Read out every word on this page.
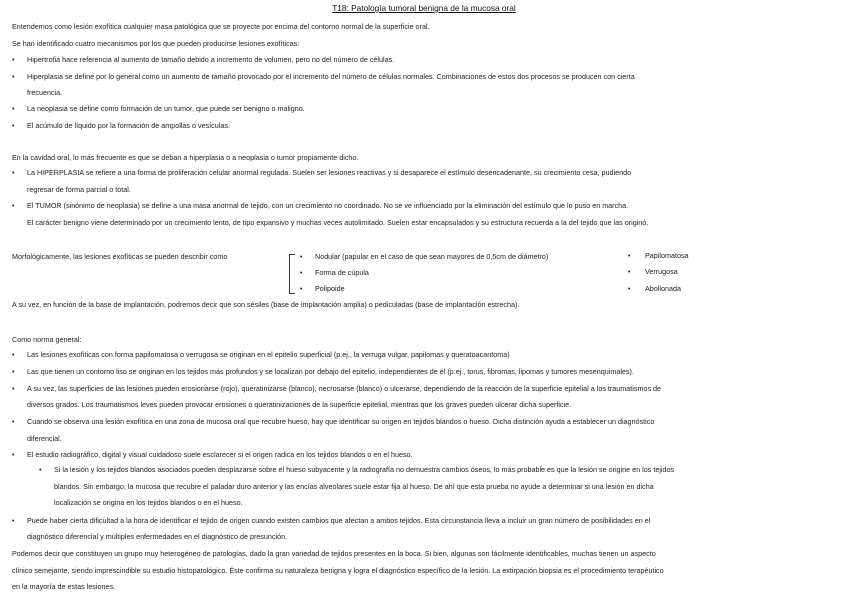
T18: Patología tumoral benigna de la mucosa oral
Entendemos como lesión exofítica cualquier masa patológica que se proyecte por encima del contorno normal de la superficie oral.
Se han identificado cuatro mecanismos por los que pueden producirse lesiones exofíticas:
• Hipertrofia hace referencia al aumento de tamaño debido a incremento de volumen, pero no del número de células.
• Hiperplasia se define por lo general como un aumento de tamaño provocado por el incremento del número de células normales. Combinaciones de estos dos procesos se producen con cierta
frecuencia.
• La neoplasia se define como formación de un tumor, que puede ser benigno o maligno.
• El acúmulo de líquido por la formación de ampollas o vesículas.
En la cavidad oral, lo más frecuente es que se deban a hiperplasia o a neoplasia o tumor propiamente dicho.
• La HIPERPLASIA se refiere a una forma de proliferación celular anormal regulada. Suelen ser lesiones reactivas y si desaparece el estímulo desencadenante, su crecimiento cesa, pudiendo
regresar de forma parcial o total.
• El TUMOR (sinónimo de neoplasia) se define a una masa anormal de tejido, con un crecimiento no coordinado. No se ve influenciado por la eliminación del estímulo que lo puso en marcha.
El carácter benigno viene determinado por un crecimiento lento, de tipo expansivo y muchas veces autolimitado. Suelen estar encapsulados y su estructura recuerda a la del tejido que las originó.
Morfológicamente, las lesiones exofíticas se pueden describir como	• Nodular (papular en el caso de que sean mayores de 0,5cm de diámetro)
• Forma de cúpula
• Polipoide
• Papilomatosa
• Verrugosa
• Abollonada
A su vez, en función de la base de implantación, podremos decir que son sésiles (base de implantación amplia) o pediculadas (base de implantación estrecha).
Como norma general:
• Las lesiones exofíticas con forma papilomatosa o verrugosa se originan en el epitelio superficial (p.ej., la verruga vulgar, papilomas y queratoacantoma)
• Las que tienen un contorno liso se originan en los tejidos más profundos y se localizan por debajo del epitelio, independientes de él (p.ej., torus, fibromas, lipomas y tumores mesenquimales).
• A su vez, las superficies de las lesiones pueden erosionarse (rojo), queratinizarse (blanco), necrosarse (blanco) o ulcerarse, dependiendo de la reacción de la superficie epitelial a los traumatismos de
diversos grados. Los traumatismos leves pueden provocar erosiones o queratinizaciones de la superficie epitelial, mientras que los graves pueden ulcerar dicha superficie.
• Cuando se observa una lesión exofítica en una zona de mucosa oral que recubre hueso, hay que identificar su origen en tejidos blandos o hueso. Dicha distinción ayuda a establecer un diagnóstico
diferencial.
• El estudio radiográfico, digital y visual cuidadoso suele esclarecer si el origen radica en los tejidos blandos o en el hueso.
• Si la lesión y los tejidos blandos asociados pueden desplazarse sobre el hueso subyacente y la radiografía no demuestra cambios óseos, lo más probable es que la lesión se origine en los tejidos
blandos. Sin embargo, la mucosa que recubre el paladar duro anterior y las encías alveolares suele estar fija al hueso. De ahí que esta prueba no ayude a determinar si una lesión en dicha
localización se origina en los tejidos blandos o en el hueso.
• Puede haber cierta dificultad a la hora de identificar el tejido de origen cuando existen cambios que afectan a ambos tejidos. Esta circunstancia lleva a incluir un gran número de posibilidades en el
diagnóstico diferencial y múltiples enfermedades en el diagnóstico de presunción.
Podemos decir que constituyen un grupo muy heterogéneo de patologías, dado la gran variedad de tejidos presentes en la boca. Si bien, algunas son fácilmente identificables, muchas tienen un aspecto
clínico semejante, siendo imprescindible su estudio histopatológico. Éste confirma su naturaleza benigna y logra el diagnóstico específico de la lesión. La extirpación biopsia es el procedimiento terapéutico
en la mayoría de estas lesiones.
